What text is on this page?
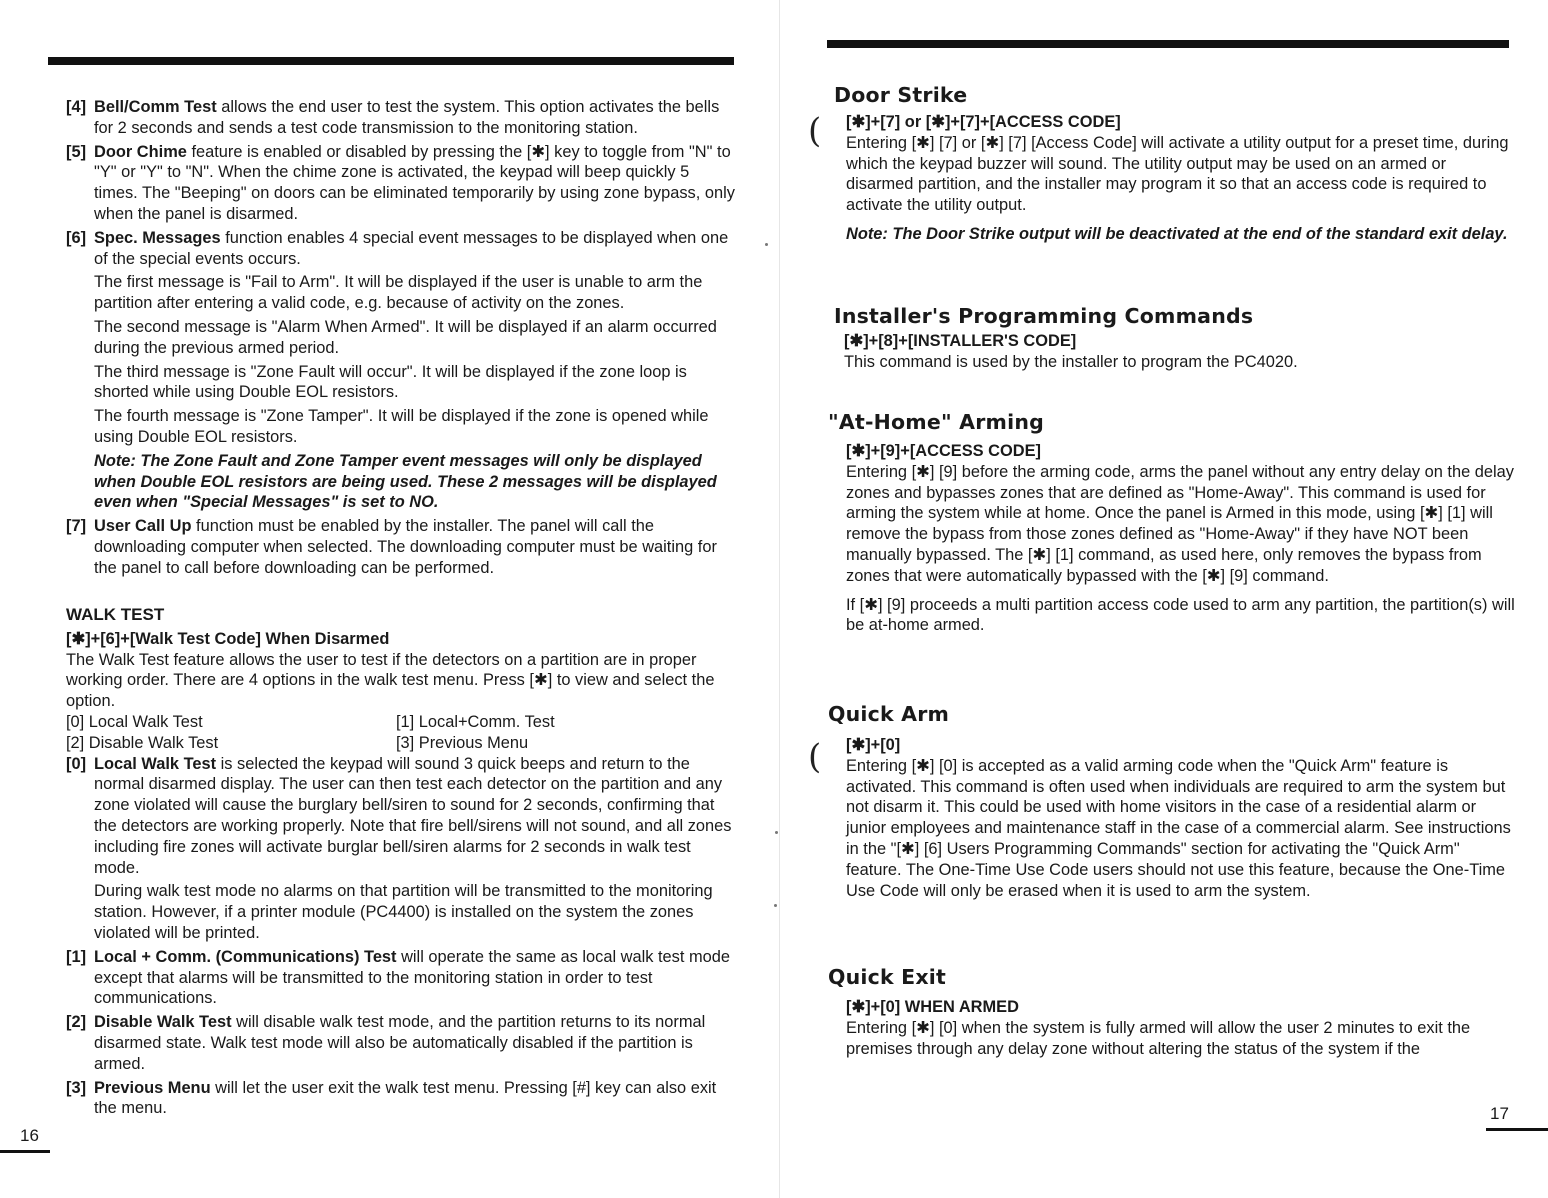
[4] Bell/Comm Test allows the end user to test the system. This option activates the bells for 2 seconds and sends a test code transmission to the monitoring station.
[5] Door Chime feature is enabled or disabled by pressing the [✱] key to toggle from "N" to "Y" or "Y" to "N". When the chime zone is activated, the keypad will beep quickly 5 times. The "Beeping" on doors can be eliminated temporarily by using zone bypass, only when the panel is disarmed.
[6] Spec. Messages function enables 4 special event messages to be displayed when one of the special events occurs.
The first message is "Fail to Arm". It will be displayed if the user is unable to arm the partition after entering a valid code, e.g. because of activity on the zones.
The second message is "Alarm When Armed". It will be displayed if an alarm occurred during the previous armed period.
The third message is "Zone Fault will occur". It will be displayed if the zone loop is shorted while using Double EOL resistors.
The fourth message is "Zone Tamper". It will be displayed if the zone is opened while using Double EOL resistors.
Note: The Zone Fault and Zone Tamper event messages will only be displayed when Double EOL resistors are being used. These 2 messages will be displayed even when "Special Messages" is set to NO.
[7] User Call Up function must be enabled by the installer. The panel will call the downloading computer when selected. The downloading computer must be waiting for the panel to call before downloading can be performed.
WALK TEST
[✱]+[6]+[Walk Test Code] When Disarmed
The Walk Test feature allows the user to test if the detectors on a partition are in proper working order. There are 4 options in the walk test menu. Press [✱] to view and select the option.
[0] Local Walk Test	[1] Local+Comm. Test
[2] Disable Walk Test	[3] Previous Menu
[0] Local Walk Test is selected the keypad will sound 3 quick beeps and return to the normal disarmed display. The user can then test each detector on the partition and any zone violated will cause the burglary bell/siren to sound for 2 seconds, confirming that the detectors are working properly. Note that fire bell/sirens will not sound, and all zones including fire zones will activate burglar bell/siren alarms for 2 seconds in walk test mode.
During walk test mode no alarms on that partition will be transmitted to the monitoring station. However, if a printer module (PC4400) is installed on the system the zones violated will be printed.
[1] Local + Comm. (Communications) Test will operate the same as local walk test mode except that alarms will be transmitted to the monitoring station in order to test communications.
[2] Disable Walk Test will disable walk test mode, and the partition returns to its normal disarmed state. Walk test mode will also be automatically disabled if the partition is armed.
[3] Previous Menu will let the user exit the walk test menu. Pressing [#] key can also exit the menu.
16
Door Strike
( [✱]+[7] or [✱]+[7]+[ACCESS CODE]
Entering [✱] [7] or [✱] [7] [Access Code] will activate a utility output for a preset time, during which the keypad buzzer will sound. The utility output may be used on an armed or disarmed partition, and the installer may program it so that an access code is required to activate the utility output.
Note: The Door Strike output will be deactivated at the end of the standard exit delay.
Installer's Programming Commands
[✱]+[8]+[INSTALLER'S CODE]
This command is used by the installer to program the PC4020.
"At-Home" Arming
[✱]+[9]+[ACCESS CODE]
Entering [✱] [9] before the arming code, arms the panel without any entry delay on the delay zones and bypasses zones that are defined as "Home-Away". This command is used for arming the system while at home. Once the panel is Armed in this mode, using [✱] [1] will remove the bypass from those zones defined as "Home-Away" if they have NOT been manually bypassed. The [✱] [1] command, as used here, only removes the bypass from zones that were automatically bypassed with the [✱] [9] command.
If [✱] [9] proceeds a multi partition access code used to arm any partition, the partition(s) will be at-home armed.
Quick Arm
( [✱]+[0]
Entering [✱] [0] is accepted as a valid arming code when the "Quick Arm" feature is activated. This command is often used when individuals are required to arm the system but not disarm it. This could be used with home visitors in the case of a residential alarm or junior employees and maintenance staff in the case of a commercial alarm. See instructions in the "[✱] [6] Users Programming Commands" section for activating the "Quick Arm" feature. The One-Time Use Code users should not use this feature, because the One-Time Use Code will only be erased when it is used to arm the system.
Quick Exit
[✱]+[0] WHEN ARMED
Entering [✱] [0] when the system is fully armed will allow the user 2 minutes to exit the premises through any delay zone without altering the status of the system if the
17
